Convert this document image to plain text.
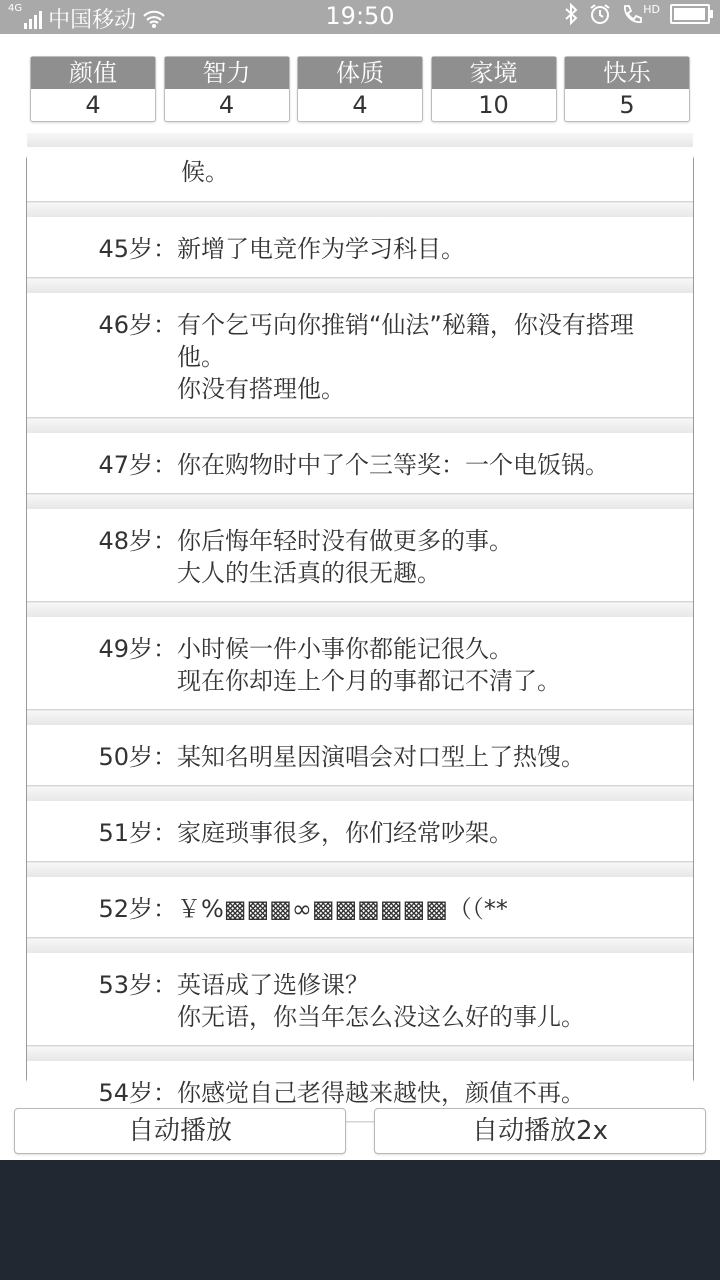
4G 中国移动	19:50	HD
颜值
4
智力
4
体质
4
家境
10
快乐
5
候。
45岁： 新增了电竞作为学习科目。
46岁： 有个乞丐向你推销“仙法”秘籍，你没有搭理他。
你没有搭理他。
47岁： 你在购物时中了个三等奖：一个电饭锅。
48岁： 你后悔年轻时没有做更多的事。
大人的生活真的很无趣。
49岁： 小时候一件小事你都能记很久。
现在你却连上个月的事都记不清了。
50岁： 某知名明星因演唱会对口型上了热馊。
51岁： 家庭琐事很多，你们经常吵架。
52岁： ￥%▩▩▩∞▩▩▩▩▩▩（（**
53岁： 英语成了选修课？
你无语，你当年怎么没这么好的事儿。
54岁： 你感觉自己老得越来越快，颜值不再。
自动播放	自动播放2x
